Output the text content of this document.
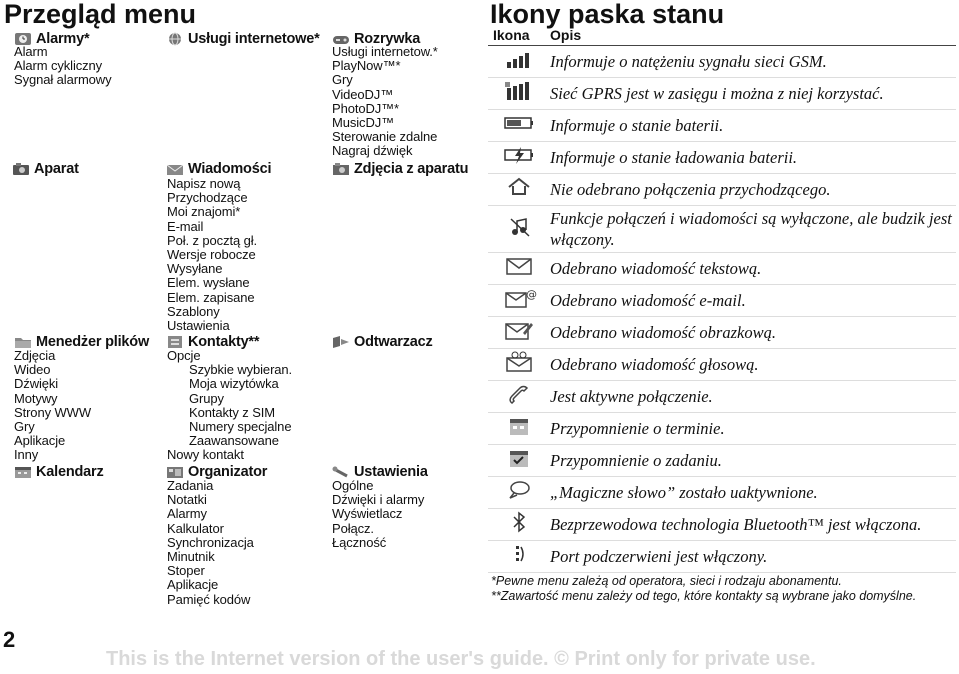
Przegląd menu	Ikony paska stanu
Alarmy*
Alarm
Alarm cykliczny
Sygnał alarmowy
Aparat
Menedżer plików
Zdjęcia
Wideo
Dźwięki
Motywy
Strony WWW
Gry
Aplikacje
Inny
Kalendarz
Usługi internetowe*
Wiadomości
Napisz nową
Przychodzące
Moi znajomi*
E-mail
Poł. z pocztą gł.
Wersje robocze
Wysyłane
Elem. wysłane
Elem. zapisane
Szablony
Ustawienia
Kontakty**
Opcje
Szybkie wybieran.
Moja wizytówka
Grupy
Kontakty z SIM
Numery specjalne
Zaawansowane
Nowy kontakt
Organizator
Zadania
Notatki
Alarmy
Kalkulator
Synchronizacja
Minutnik
Stoper
Aplikacje
Pamięć kodów
Rozrywka
Usługi internetow.*
PlayNow™*
Gry
VideoDJ™
PhotoDJ™*
MusicDJ™
Sterowanie zdalne
Nagraj dźwięk
Zdjęcia z aparatu
Odtwarzacz
Ustawienia
Ogólne
Dźwięki i alarmy
Wyświetlacz
Połącz.
Łączność
Ikona	Opis
	Informuje o natężeniu sygnału sieci GSM.
	Sieć GPRS jest w zasięgu i można z niej korzystać.
	Informuje o stanie baterii.
	Informuje o stanie ładowania baterii.
	Nie odebrano połączenia przychodzącego.
	Funkcje połączeń i wiadomości są wyłączone, ale budzik jest włączony.
	Odebrano wiadomość tekstową.

@	Odebrano wiadomość e-mail.
	Odebrano wiadomość obrazkową.
	Odebrano wiadomość głosową.
	Jest aktywne połączenie.
	Przypomnienie o terminie.
	Przypomnienie o zadaniu.
	„Magiczne słowo” zostało uaktywnione.
	Bezprzewodowa technologia Bluetooth™ jest włączona.
	Port podczerwieni jest włączony.
*Pewne menu zależą od operatora, sieci i rodzaju abonamentu.
**Zawartość menu zależy od tego, które kontakty są wybrane jako domyślne.
2
This is the Internet version of the user's guide. © Print only for private use.
